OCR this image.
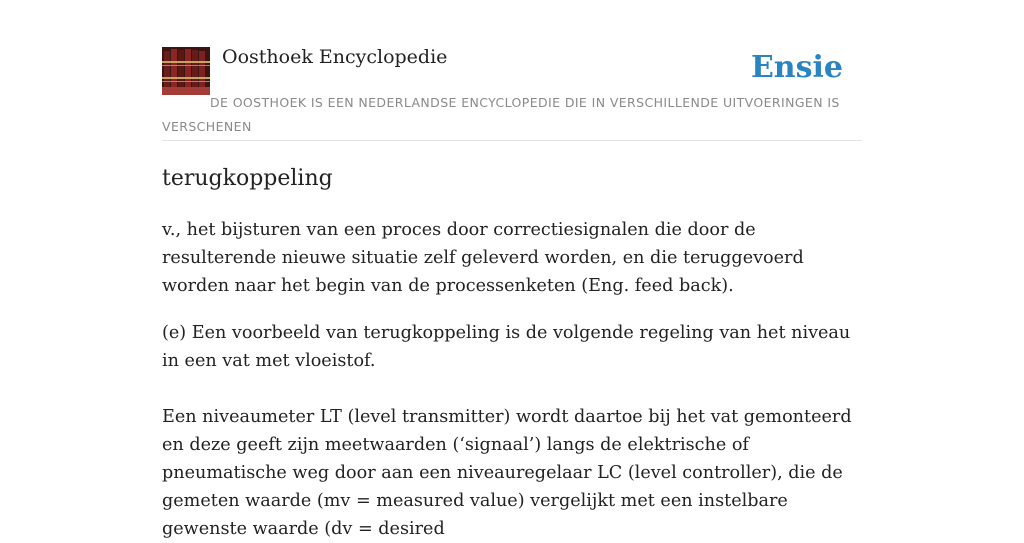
Oosthoek Encyclopedie	Ensie
DE OOSTHOEK IS EEN NEDERLANDSE ENCYCLOPEDIE DIE IN VERSCHILLENDE UITVOERINGEN IS VERSCHENEN
terugkoppeling

v., het bijsturen van een proces door correctiesignalen die door de resulterende nieuwe situatie zelf geleverd worden, en die teruggevoerd worden naar het begin van de processenketen (Eng. feed back).

(e) Een voorbeeld van terugkoppeling is de volgende regeling van het niveau in een vat met vloeistof.

Een niveaumeter LT (level transmitter) wordt daartoe bij het vat gemonteerd en deze geeft zijn meetwaarden (‘signaal’) langs de elektrische of pneumatische weg door aan een niveauregelaar LC (level controller), die de gemeten waarde (mv = measured value) vergelijkt met een instelbare gewenste waarde (dv = desired
